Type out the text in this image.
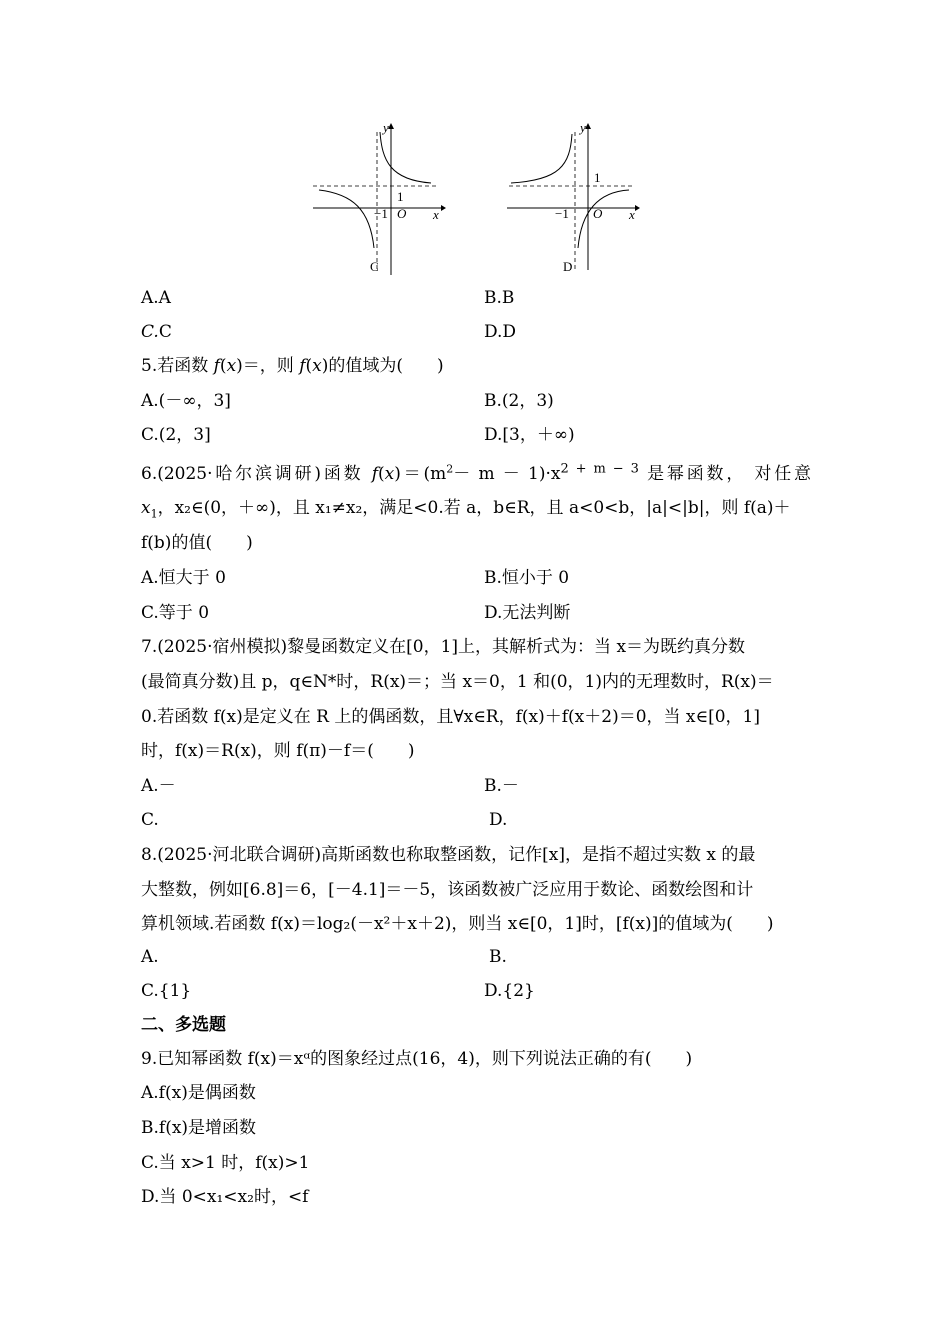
y
x
O
1
−1
C
y
x
O
1
−1
D
A.A	B.B
C.C	D.D
5.若函数 f(x)＝，则 f(x)的值域为(　　)
A.(－∞，3]	B.(2，3)
C.(2，3]	D.[3，＋∞)
6.(2025·哈尔滨调研)函数 $f(x)=(m^2- m - 1)\cdot x^{2 + m - 3}$ 是幂函数， 对任意
$x_1$，x₂∈(0，＋∞)，且 x₁≠x₂，满足<0.若 a，b∈R，且 a<0<b，|a|<|b|，则 f(a)＋
f(b)的值(　　)
A.恒大于 0	B.恒小于 0
C.等于 0	D.无法判断
7.(2025·宿州模拟)黎曼函数定义在[0，1]上，其解析式为：当 x＝为既约真分数
(最简真分数)且 p，q∈N*时，R(x)＝；当 x＝0，1 和(0，1)内的无理数时，R(x)＝
0.若函数 f(x)是定义在 R 上的偶函数，且∀x∈R，f(x)＋f(x＋2)＝0，当 x∈[0，1]
时，f(x)＝R(x)，则 f(π)－f＝(　　)
A.－	B.－
C.	D.
8.(2025·河北联合调研)高斯函数也称取整函数，记作[x]，是指不超过实数 x 的最
大整数，例如[6.8]＝6，[－4.1]＝－5，该函数被广泛应用于数论、函数绘图和计
算机领域.若函数 f(x)＝log₂(－x²＋x＋2)，则当 x∈[0，1]时，[f(x)]的值域为(　　)
A.	B.
C.{1}	D.{2}
二、多选题
9.已知幂函数 f(x)＝xᵅ的图象经过点(16，4)，则下列说法正确的有(　　)
A.f(x)是偶函数
B.f(x)是增函数
C.当 x>1 时，f(x)>1
D.当 0<x₁<x₂时，<f
